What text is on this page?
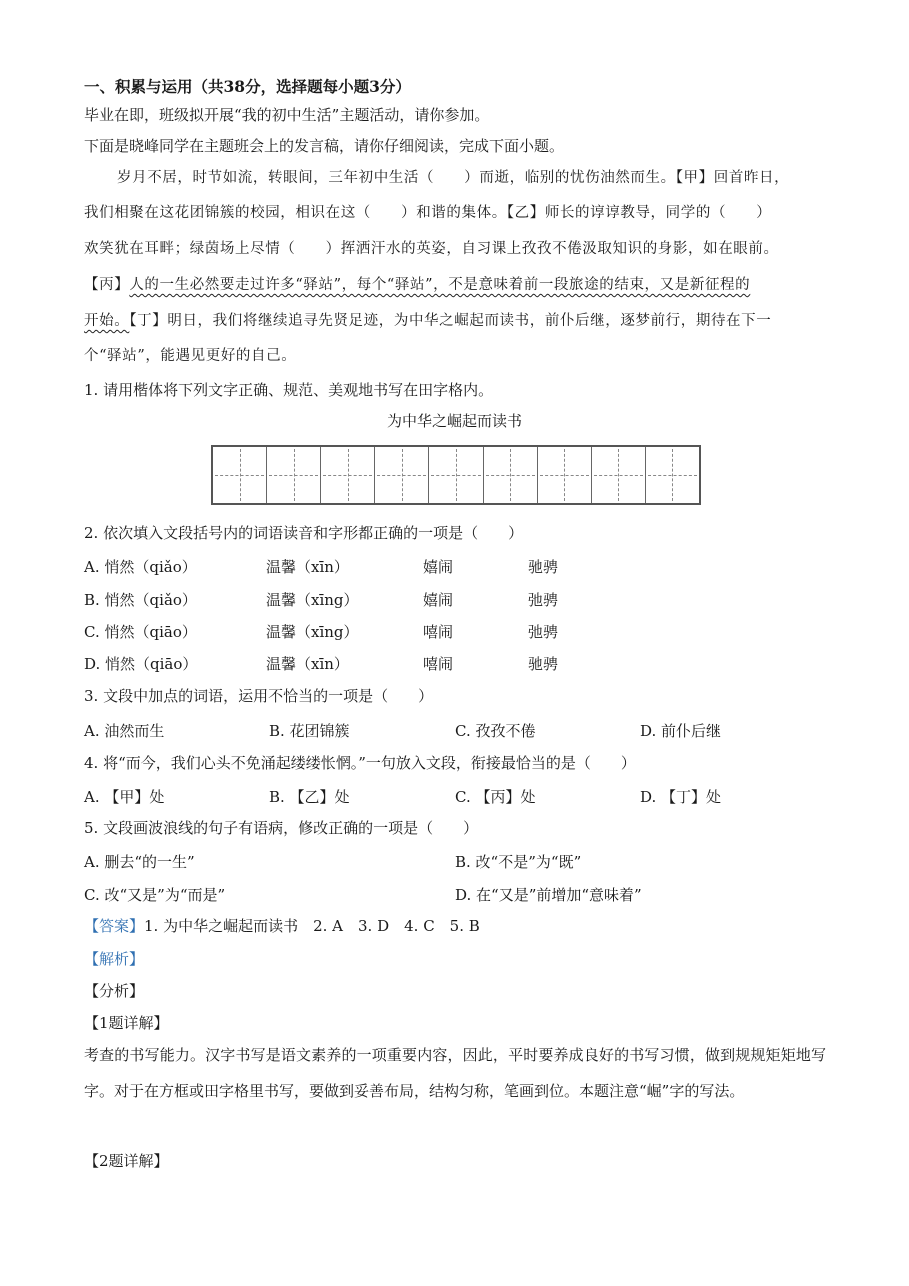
一、积累与运用（共38分，选择题每小题3分）
毕业在即，班级拟开展“我的初中生活”主题活动，请你参加。
下面是晓峰同学在主题班会上的发言稿，请你仔细阅读，完成下面小题。
岁月不居，时节如流，转眼间，三年初中生活（　　）而逝，临别的忧伤油然而生。【甲】回首昨日，
我们相聚在这花团锦簇的校园，相识在这（　　）和谐的集体。【乙】师长的谆谆教导，同学的（　　）
欢笑犹在耳畔；绿茵场上尽情（　　）挥洒汗水的英姿，自习课上孜孜不倦汲取知识的身影，如在眼前。
【丙】人的一生必然要走过许多“驿站”，每个“驿站”，不是意味着前一段旅途的结束，又是新征程的
开始。【丁】明日，我们将继续追寻先贤足迹，为中华之崛起而读书，前仆后继，逐梦前行，期待在下一
个“驿站”，能遇见更好的自己。
1. 请用楷体将下列文字正确、规范、美观地书写在田字格内。
为中华之崛起而读书
2. 依次填入文段括号内的词语读音和字形都正确的一项是（　　）
A. 悄然（qiǎo）	温馨（xīn）	嬉闹	驰骋
B. 悄然（qiǎo）	温馨（xīng）	嬉闹	弛骋
C. 悄然（qiāo）	温馨（xīng）	嘻闹	弛骋
D. 悄然（qiāo）	温馨（xīn）	嘻闹	驰骋
3. 文段中加点的词语，运用不恰当的一项是（　　）
A. 油然而生	B. 花团锦簇	C. 孜孜不倦	D. 前仆后继
4. 将“而今，我们心头不免涌起缕缕怅惘。”一句放入文段，衔接最恰当的是（　　）
A. 【甲】处	B. 【乙】处	C. 【丙】处	D. 【丁】处
5. 文段画波浪线的句子有语病，修改正确的一项是（　　）
A. 删去“的一生”	B. 改“不是”为“既”
C. 改“又是”为“而是”	D. 在“又是”前增加“意味着”
【答案】1. 为中华之崛起而读书　2. A　3. D　4. C　5. B
【解析】
【分析】
【1题详解】
考查的书写能力。汉字书写是语文素养的一项重要内容，因此，平时要养成良好的书写习惯，做到规规矩矩地写字。对于在方框或田字格里书写，要做到妥善布局，结构匀称，笔画到位。本题注意“崛”字的写法。
【2题详解】
